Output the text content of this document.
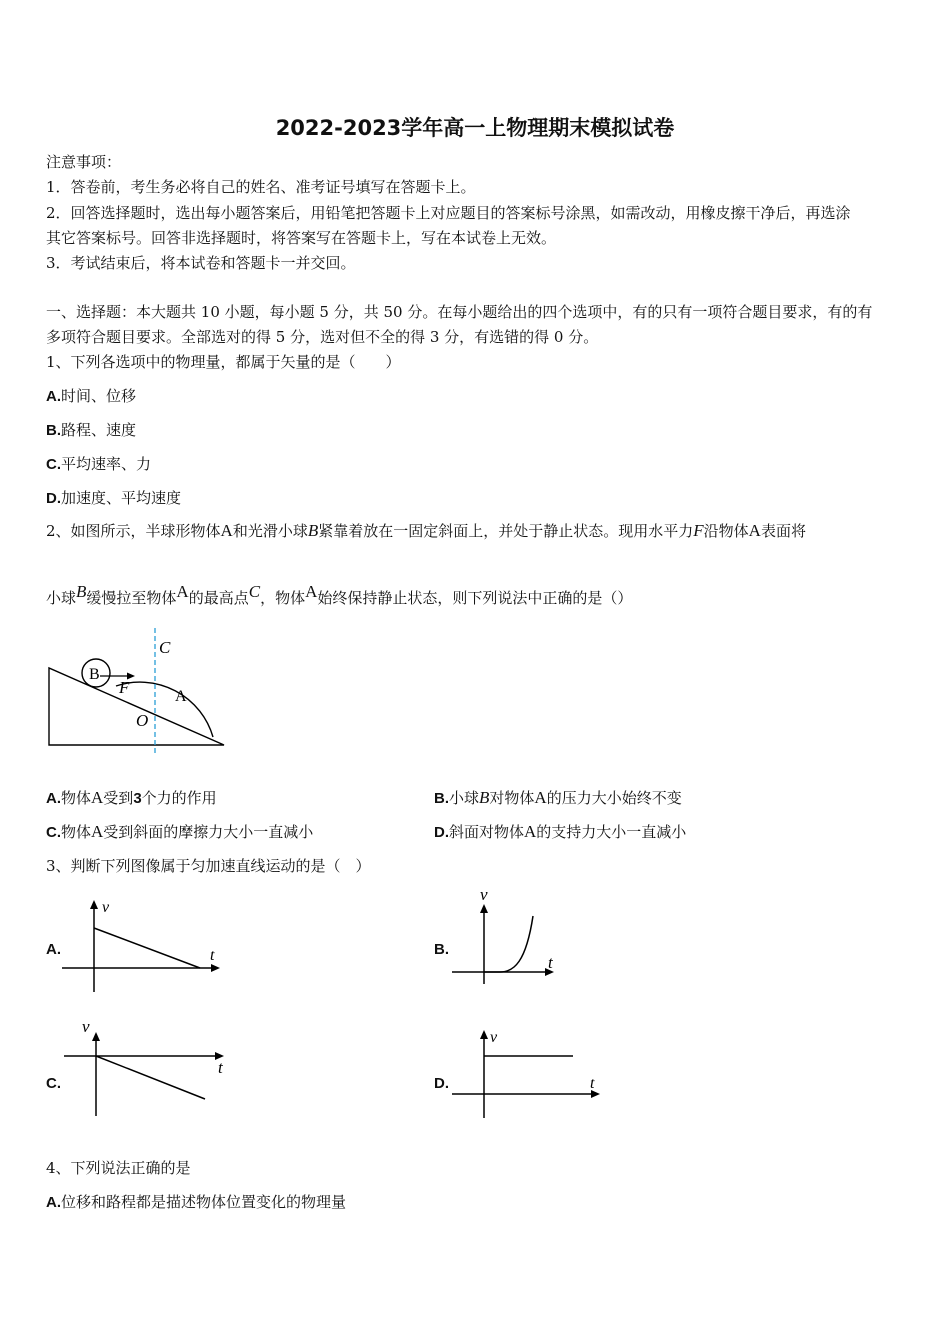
2022-2023学年高一上物理期末模拟试卷
注意事项：
1．答卷前，考生务必将自己的姓名、准考证号填写在答题卡上。
2．回答选择题时，选出每小题答案后，用铅笔把答题卡上对应题目的答案标号涂黑，如需改动，用橡皮擦干净后，再选涂
其它答案标号。回答非选择题时，将答案写在答题卡上，写在本试卷上无效。
3．考试结束后，将本试卷和答题卡一并交回。
一、选择题：本大题共 10 小题，每小题 5 分，共 50 分。在每小题给出的四个选项中，有的只有一项符合题目要求，有的有
多项符合题目要求。全部选对的得 5 分，选对但不全的得 3 分，有选错的得 0 分。
1、下列各选项中的物理量，都属于矢量的是（　　）
A.时间、位移
B.路程、速度
C.平均速率、力
D.加速度、平均速度
2、如图所示，半球形物体A和光滑小球B紧靠着放在一固定斜面上，并处于静止状态。现用水平力F沿物体A表面将
小球B缓慢拉至物体A的最高点C，物体A始终保持静止状态，则下列说法中正确的是（）
B
F
C
A
O
A.物体A受到3个力的作用	B.小球B对物体A的压力大小始终不变
C.物体A受到斜面的摩擦力大小一直减小	D.斜面对物体A的支持力大小一直减小
3、判断下列图像属于匀加速直线运动的是（　）
A.
v
t	B.
v
t
C.
v
t
D.
v
t
4、下列说法正确的是
A.位移和路程都是描述物体位置变化的物理量
